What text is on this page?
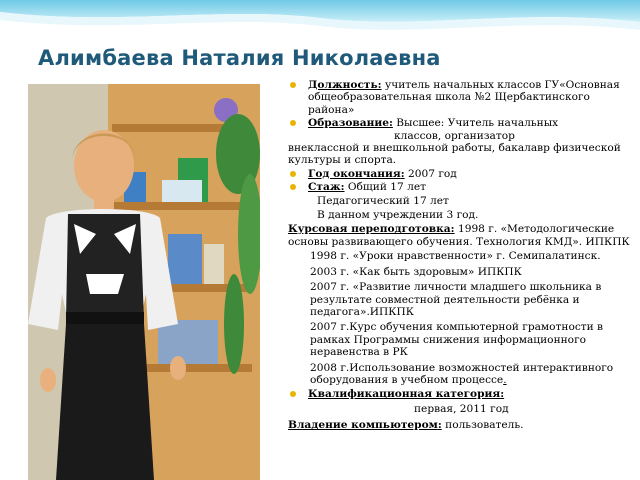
Алимбаева Наталия Николаевна

Должность: учитель начальных классов ГУ«Основная общеобразовательная школа №2 Щербактинского района»

Образование: Высшее: Учитель начальных
классов, организатор
внеклассной и внешкольной работы, бакалавр физической культуры и спорта.

Год окончания: 2007 год

Стаж: Общий 17 лет

Педагогический 17 лет

В данном учреждении 3 год.

Курсовая переподготовка: 1998 г. «Методологические основы развивающего обучения. Технология КМД». ИПКПК

1998 г. «Уроки нравственности» г. Семипалатинск.

2003 г. «Как быть здоровым» ИПКПК

2007 г. «Развитие личности младшего школьника в результате совместной деятельности ребёнка и педагога».ИПКПК

2007 г.Курс обучения компьютерной грамотности в рамках Программы снижения информационного неравенства в РК

2008 г.Использование возможностей интерактивного оборудования в учебном процессе.

Квалификационная категория:

первая, 2011 год

Владение компьютером: пользователь.
